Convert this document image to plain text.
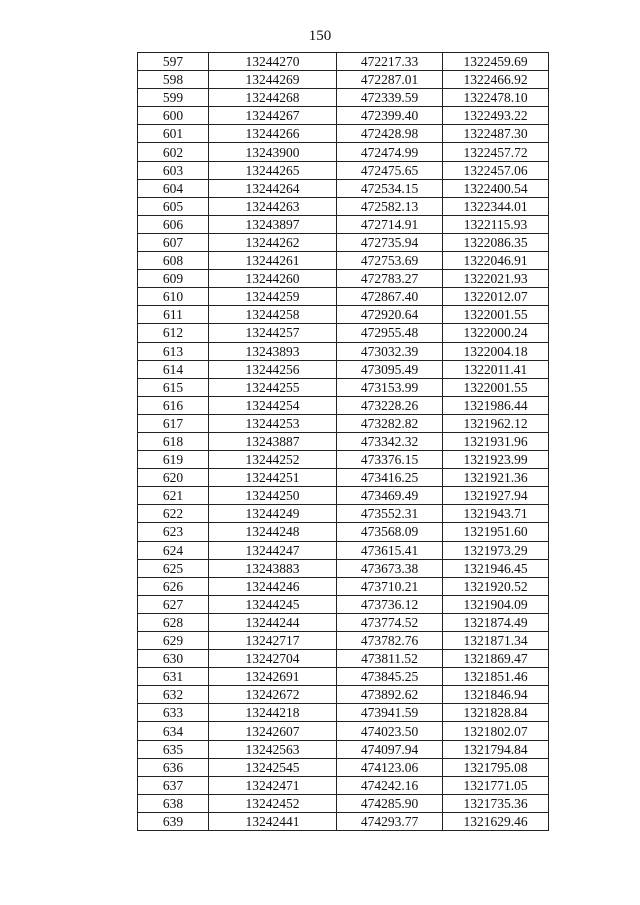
150
597	13244270	472217.33	1322459.69
598	13244269	472287.01	1322466.92
599	13244268	472339.59	1322478.10
600	13244267	472399.40	1322493.22
601	13244266	472428.98	1322487.30
602	13243900	472474.99	1322457.72
603	13244265	472475.65	1322457.06
604	13244264	472534.15	1322400.54
605	13244263	472582.13	1322344.01
606	13243897	472714.91	1322115.93
607	13244262	472735.94	1322086.35
608	13244261	472753.69	1322046.91
609	13244260	472783.27	1322021.93
610	13244259	472867.40	1322012.07
611	13244258	472920.64	1322001.55
612	13244257	472955.48	1322000.24
613	13243893	473032.39	1322004.18
614	13244256	473095.49	1322011.41
615	13244255	473153.99	1322001.55
616	13244254	473228.26	1321986.44
617	13244253	473282.82	1321962.12
618	13243887	473342.32	1321931.96
619	13244252	473376.15	1321923.99
620	13244251	473416.25	1321921.36
621	13244250	473469.49	1321927.94
622	13244249	473552.31	1321943.71
623	13244248	473568.09	1321951.60
624	13244247	473615.41	1321973.29
625	13243883	473673.38	1321946.45
626	13244246	473710.21	1321920.52
627	13244245	473736.12	1321904.09
628	13244244	473774.52	1321874.49
629	13242717	473782.76	1321871.34
630	13242704	473811.52	1321869.47
631	13242691	473845.25	1321851.46
632	13242672	473892.62	1321846.94
633	13244218	473941.59	1321828.84
634	13242607	474023.50	1321802.07
635	13242563	474097.94	1321794.84
636	13242545	474123.06	1321795.08
637	13242471	474242.16	1321771.05
638	13242452	474285.90	1321735.36
639	13242441	474293.77	1321629.46
